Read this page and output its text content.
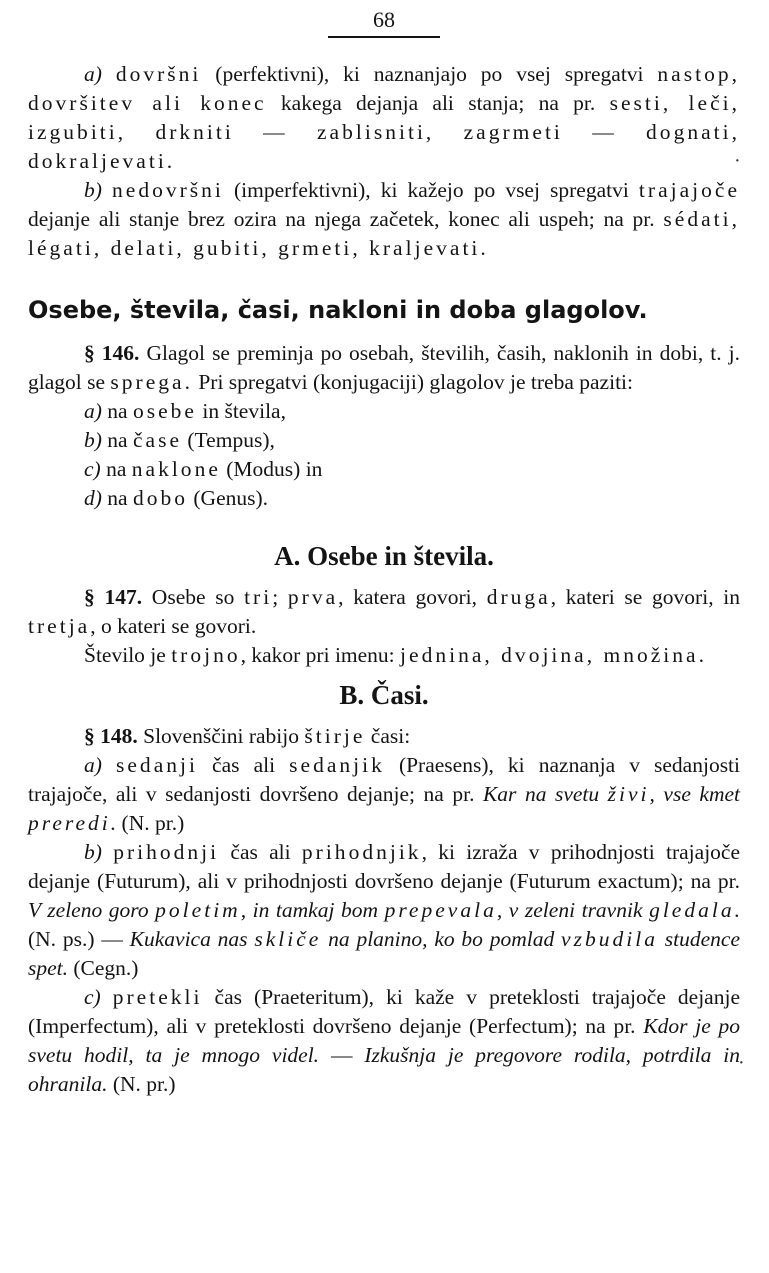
68

a) dovršni (perfektivni), ki naznanjajo po vsej spregatvi nastop, dovršitev ali konec kakega dejanja ali stanja; na pr. sesti, leči, izgubiti, drkniti — zablisniti, zagrmeti — dognati, dokraljevati.

b) nedovršni (imperfektivni), ki kažejo po vsej spregatvi trajajoče dejanje ali stanje brez ozira na njega začetek, konec ali uspeh; na pr. sédati, légati, delati, gubiti, grmeti, kraljevati.

Osebe, števila, časi, nakloni in doba glagolov.

§ 146. Glagol se preminja po osebah, številih, časih, naklonih in dobi, t. j. glagol se sprega. Pri spregatvi (konjugaciji) glagolov je treba paziti:

a) na osebe in števila,

b) na čase (Tempus),

c) na naklone (Modus) in

d) na dobo (Genus).

A. Osebe in števila.

§ 147. Osebe so tri; prva, katera govori, druga, kateri se govori, in tretja, o kateri se govori.

Število je trojno, kakor pri imenu: jednina, dvojina, množina.

B. Časi.

§ 148. Slovenščini rabijo štirje časi:

a) sedanji čas ali sedanjik (Praesens), ki naznanja v sedanjosti trajajoče, ali v sedanjosti dovršeno dejanje; na pr. Kar na svetu živi, vse kmet preredi. (N. pr.)

b) prihodnji čas ali prihodnjik, ki izraža v prihodnjosti trajajoče dejanje (Futurum), ali v prihodnjosti dovršeno dejanje (Futurum exactum); na pr. V zeleno goro poletim, in tamkaj bom prepevala, v zeleni travnik gledala. (N. ps.) — Kukavica nas skliče na planino, ko bo pomlad vzbudila studence spet. (Cegn.)

c) pretekli čas (Praeteritum), ki kaže v preteklosti trajajoče dejanje (Imperfectum), ali v preteklosti dovršeno dejanje (Perfectum); na pr. Kdor je po svetu hodil, ta je mnogo videl. — Izkušnja je pregovore rodila, potrdila in ohranila. (N. pr.)

·
·
